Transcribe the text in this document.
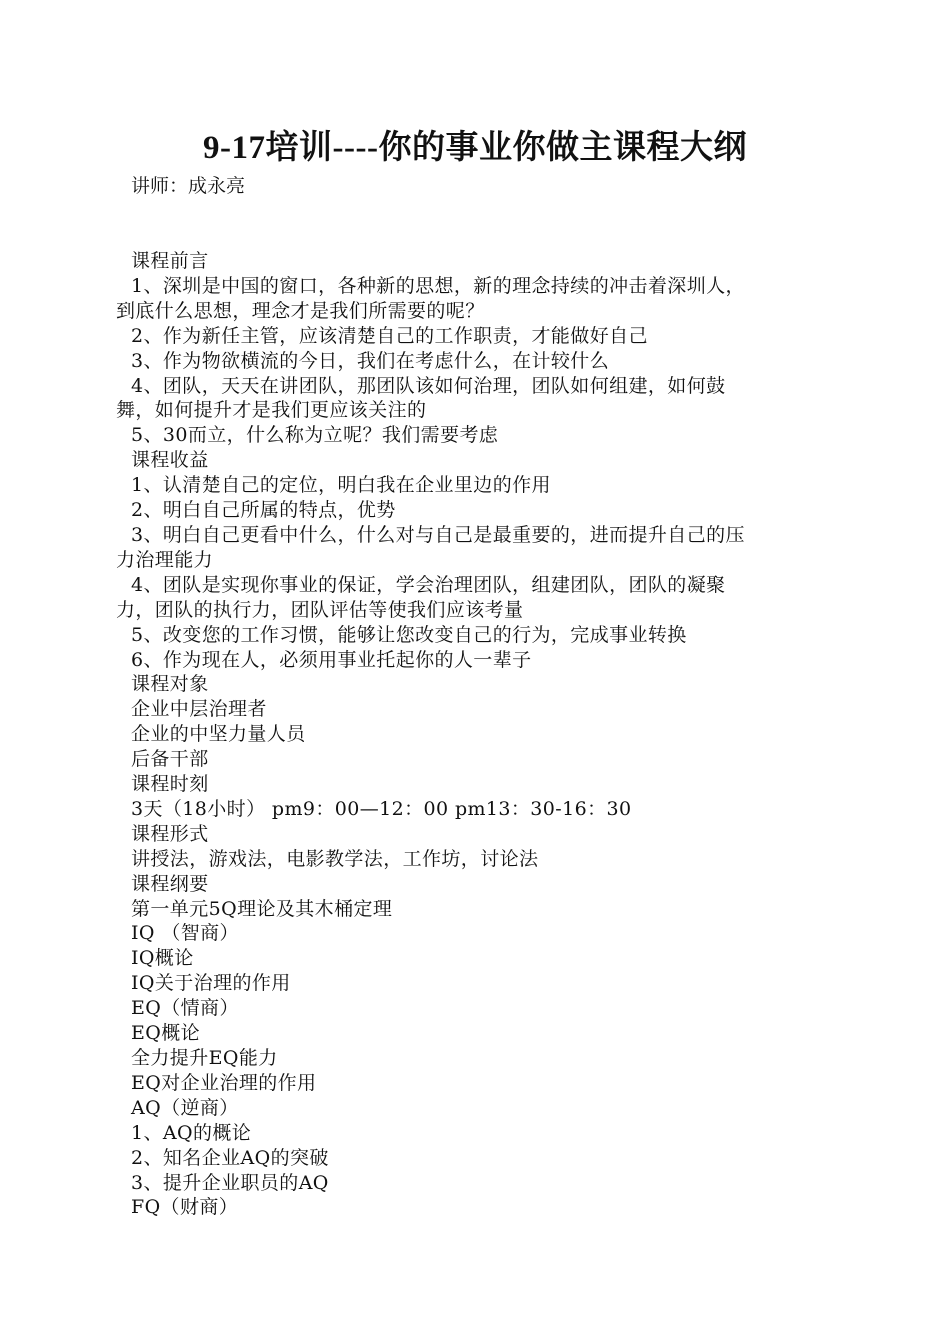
9-17培训----你的事业你做主课程大纲
讲师：成永亮

课程前言

1、深圳是中国的窗口，各种新的思想，新的理念持续的冲击着深圳人，

到底什么思想，理念才是我们所需要的呢？

2、作为新任主管，应该清楚自己的工作职责，才能做好自己

3、作为物欲横流的今日，我们在考虑什么，在计较什么

4、团队，天天在讲团队，那团队该如何治理，团队如何组建，如何鼓

舞，如何提升才是我们更应该关注的

5、30而立，什么称为立呢？我们需要考虑

课程收益

1、认清楚自己的定位，明白我在企业里边的作用

2、明白自己所属的特点，优势

3、明白自己更看中什么，什么对与自己是最重要的，进而提升自己的压

力治理能力

4、团队是实现你事业的保证，学会治理团队，组建团队，团队的凝聚

力，团队的执行力，团队评估等使我们应该考量

5、改变您的工作习惯，能够让您改变自己的行为，完成事业转换

6、作为现在人，必须用事业托起你的人一辈子

课程对象

企业中层治理者

企业的中坚力量人员

后备干部

课程时刻

3天（18小时） pm9：00—12：00 pm13：30-16：30

课程形式

讲授法，游戏法，电影教学法，工作坊，讨论法

课程纲要

第一单元5Q理论及其木桶定理

IQ （智商）

IQ概论

IQ关于治理的作用

EQ（情商）

EQ概论

全力提升EQ能力

EQ对企业治理的作用

AQ（逆商）

1、AQ的概论

2、知名企业AQ的突破

3、提升企业职员的AQ

FQ（财商）
